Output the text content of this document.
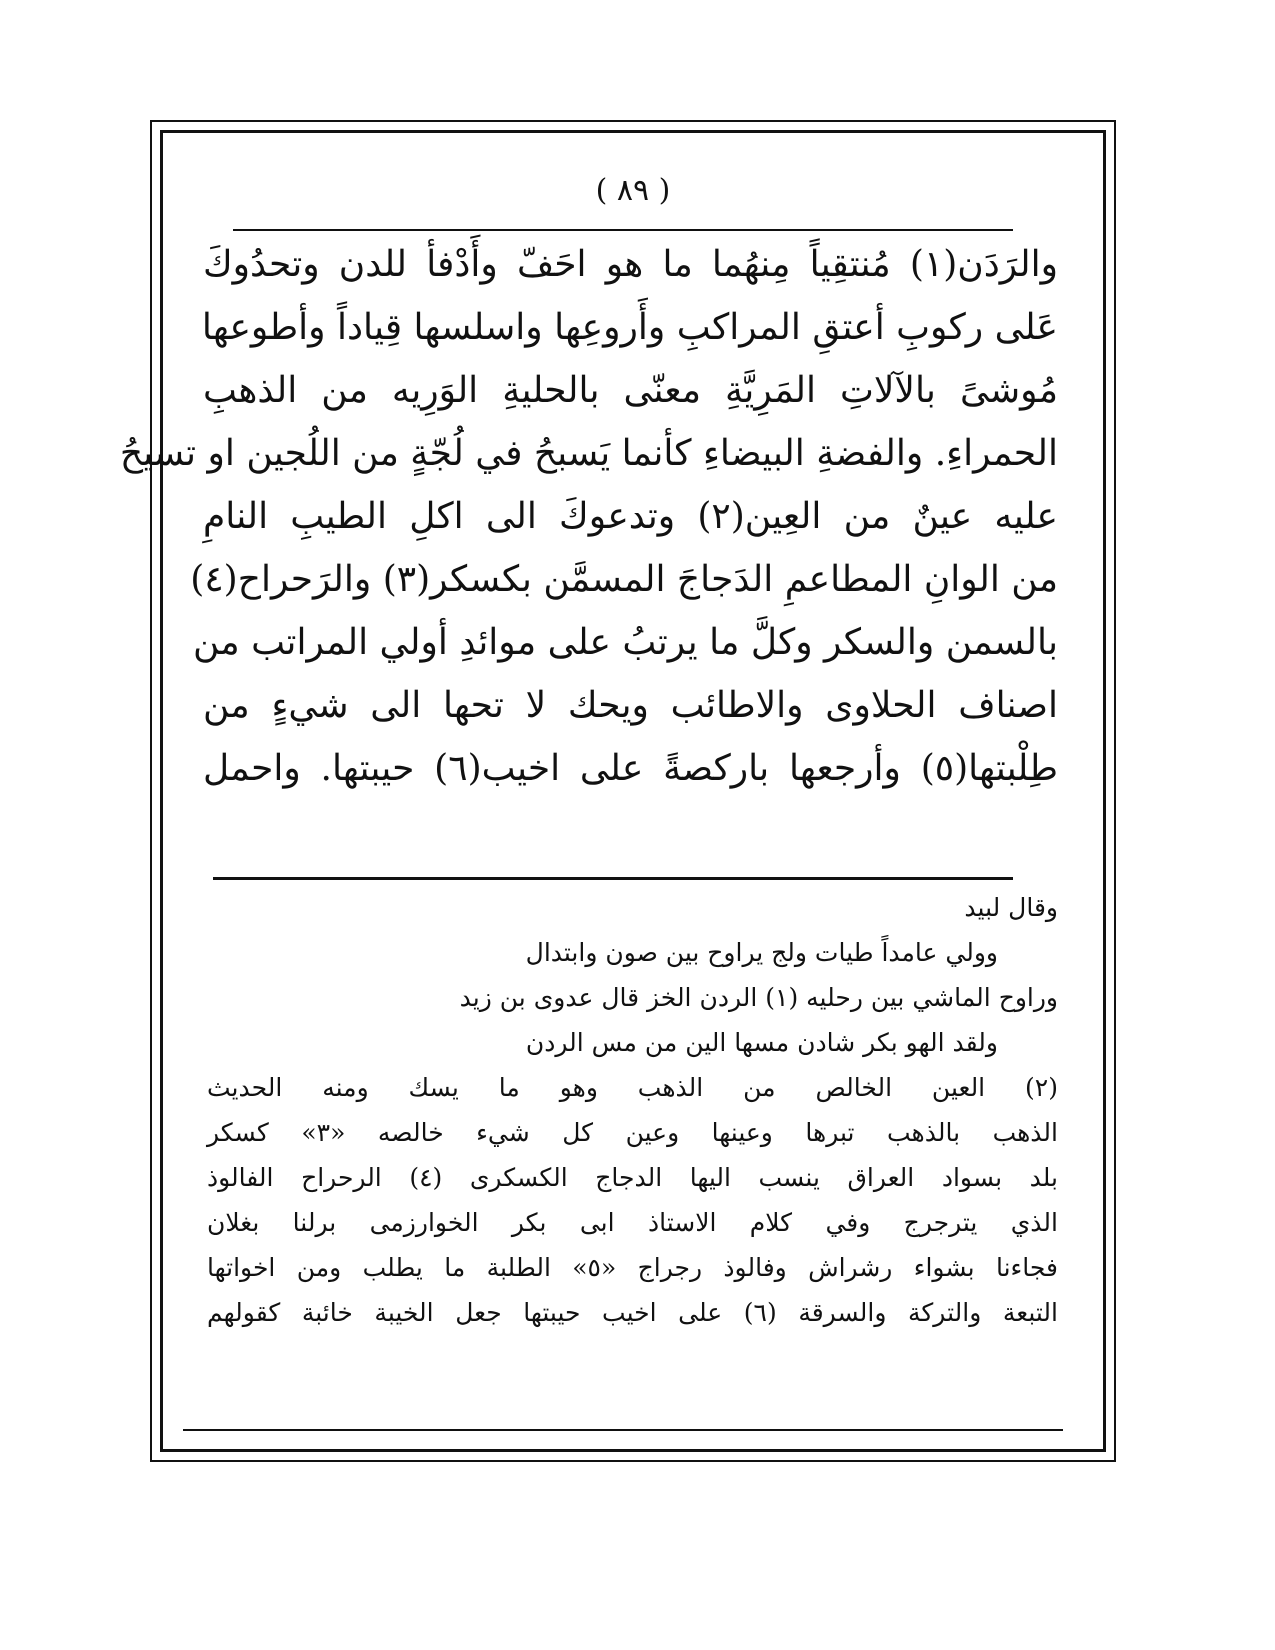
( ٨٩ )
والرَدَن(١) مُنتقِياً مِنهُما ما هو احَفّ وأَدْفأ للدن وتحدُوكَ
عَلى ركوبِ أعتقِ المراكبِ وأَروعِها واسلسها قِياداً وأطوعها
مُوشىً بالآلاتِ المَرِيَّةِ معنّى بالحليةِ الوَرِيه من الذهبِ
الحمراءِ. والفضةِ البيضاءِ كأنما يَسبحُ في لُجّةٍ من اللُجين او تسيحُ
عليه عينٌ من العِين(٢) وتدعوكَ الى اكلِ الطيبِ النامِ
من الوانِ المطاعمِ الدَجاجَ المسمَّن بكسكر(٣) والرَحراح(٤)
بالسمن والسكر وكلَّ ما يرتبُ على موائدِ أولي المراتب من
اصناف الحلاوى والاطائب ويحك لا تحها الى شيءٍ من
طِلْبتها(٥) وأرجعها باركصةً على اخيب(٦) حيبتها. واحمل
وقال لبيد
وولي عامداً طيات ولج يراوح بين صون وابتدال
وراوح الماشي بين رحليه (١) الردن الخز قال عدوى بن زيد
ولقد الهو بكر شادن مسها الين من مس الردن
(٢) العين الخالص من الذهب وهو ما يسك ومنه الحديث
الذهب بالذهب تبرها وعينها وعين كل شيء خالصه «٣» كسكر
بلد بسواد العراق ينسب اليها الدجاج الكسكرى (٤) الرحراح الفالوذ
الذي يترجرج وفي كلام الاستاذ ابى بكر الخوارزمى برلنا بغلان
فجاءنا بشواء رشراش وفالوذ رجراج «٥» الطلبة ما يطلب ومن اخواتها
التبعة والتركة والسرقة (٦) على اخيب حيبتها جعل الخيبة خائبة كقولهم
